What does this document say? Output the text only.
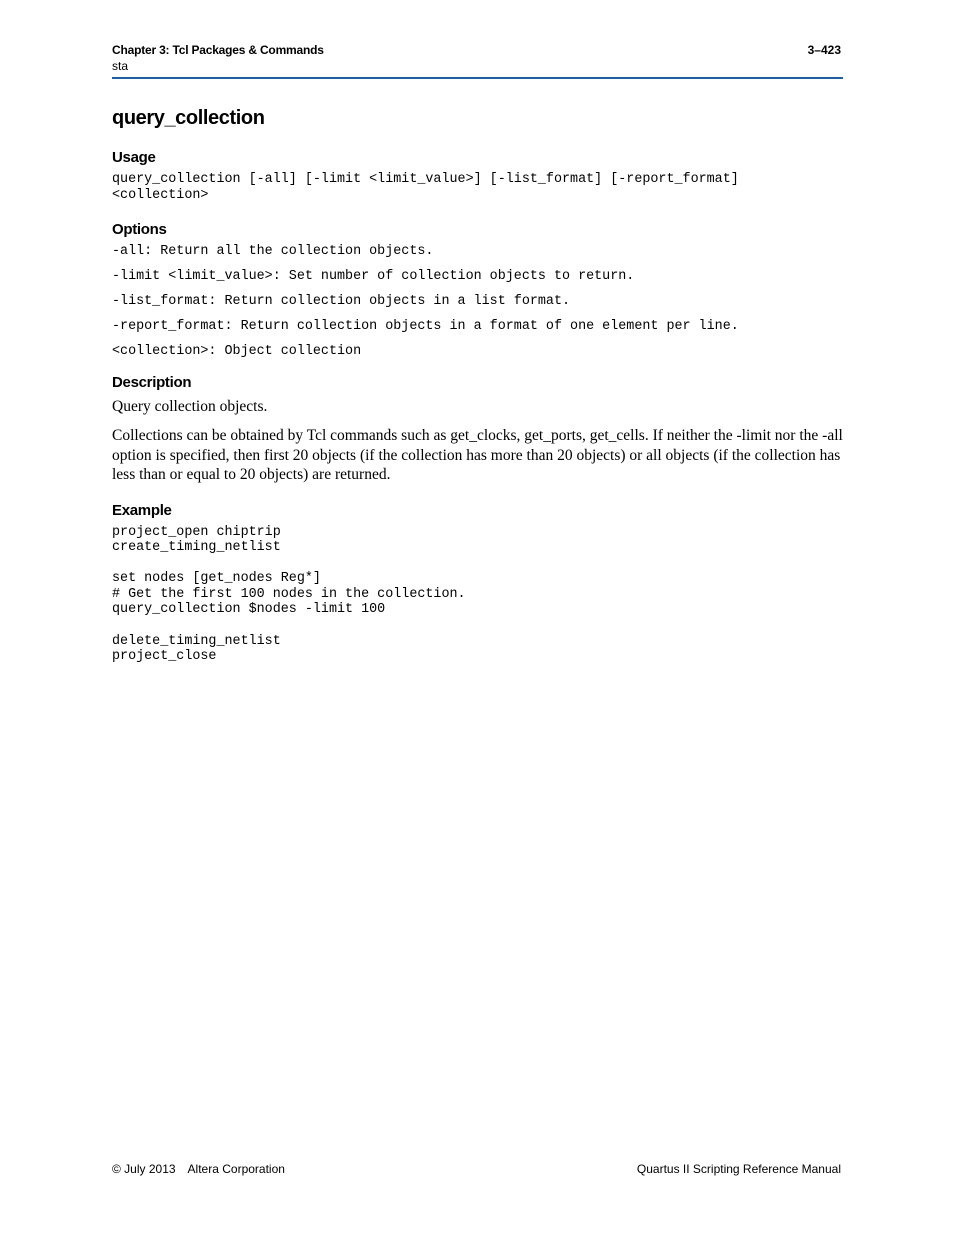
Chapter 3: Tcl Packages & Commands
sta
3–423
query_collection
Usage

query_collection [-all] [-limit <limit_value>] [-list_format] [-report_format]

<collection>

Options

-all: Return all the collection objects.

-limit <limit_value>: Set number of collection objects to return.

-list_format: Return collection objects in a list format.

-report_format: Return collection objects in a format of one element per line.

<collection>: Object collection

Description

Query collection objects.

Collections can be obtained by Tcl commands such as get_clocks, get_ports, get_cells. If neither the -limit nor the -all option is specified, then first 20 objects (if the collection has more than 20 objects) or all objects (if the collection has less than or equal to 20 objects) are returned.

Example
project_open chiptrip
create_timing_netlist

set nodes [get_nodes Reg*]
# Get the first 100 nodes in the collection.
query_collection $nodes -limit 100

delete_timing_netlist
project_close
© July 2013 Altera Corporation	Quartus II Scripting Reference Manual
